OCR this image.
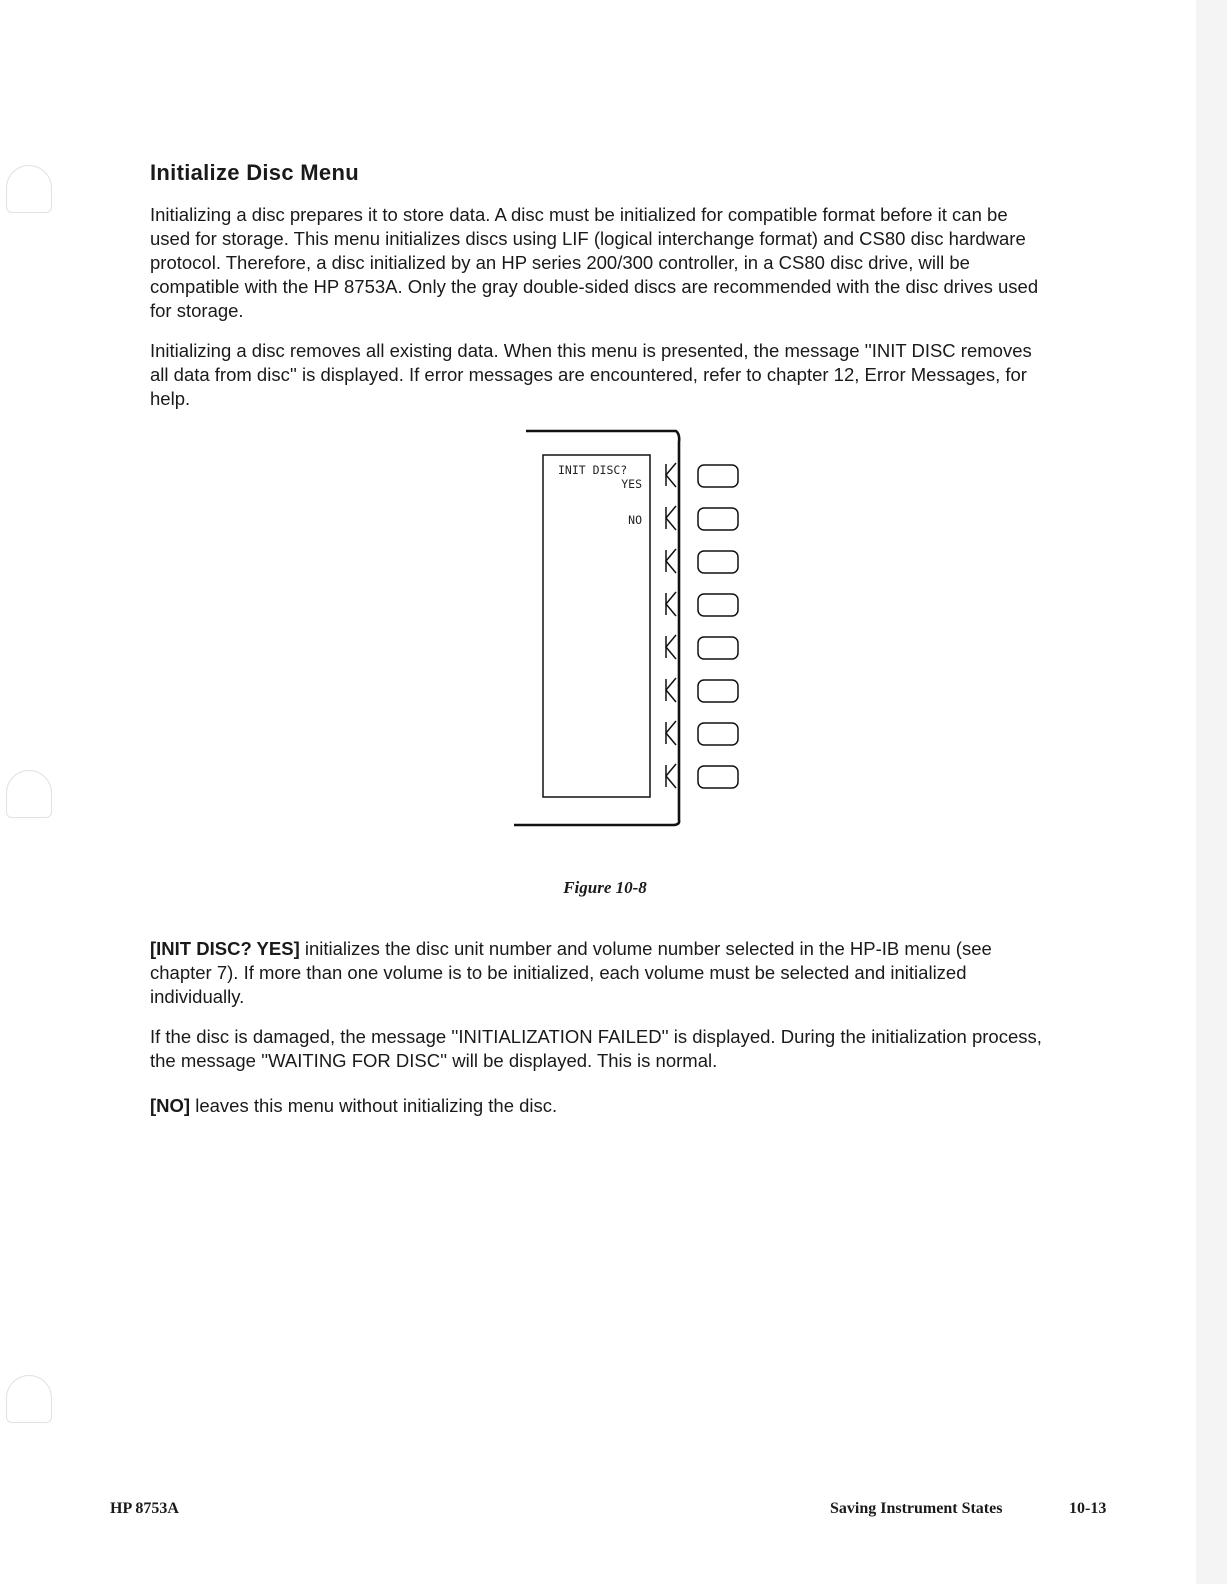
Initialize Disc Menu

Initializing a disc prepares it to store data. A disc must be initialized for compatible format before it can be used for storage. This menu initializes discs using LIF (logical interchange format) and CS80 disc hardware protocol. Therefore, a disc initialized by an HP series 200/300 controller, in a CS80 disc drive, will be compatible with the HP 8753A. Only the gray double-sided discs are recommended with the disc drives used for storage.

Initializing a disc removes all existing data. When this menu is presented, the message ''INIT DISC removes all data from disc'' is displayed. If error messages are encountered, refer to chapter 12, Error Messages, for help.

INIT DISC?
YES
NO
Figure 10-8

[INIT DISC? YES] initializes the disc unit number and volume number selected in the HP-IB menu (see chapter 7). If more than one volume is to be initialized, each volume must be selected and initialized individually.

If the disc is damaged, the message ''INITIALIZATION FAILED'' is displayed. During the initialization process, the message ''WAITING FOR DISC'' will be displayed. This is normal.

[NO] leaves this menu without initializing the disc.

HP 8753A	Saving Instrument States	10-13
